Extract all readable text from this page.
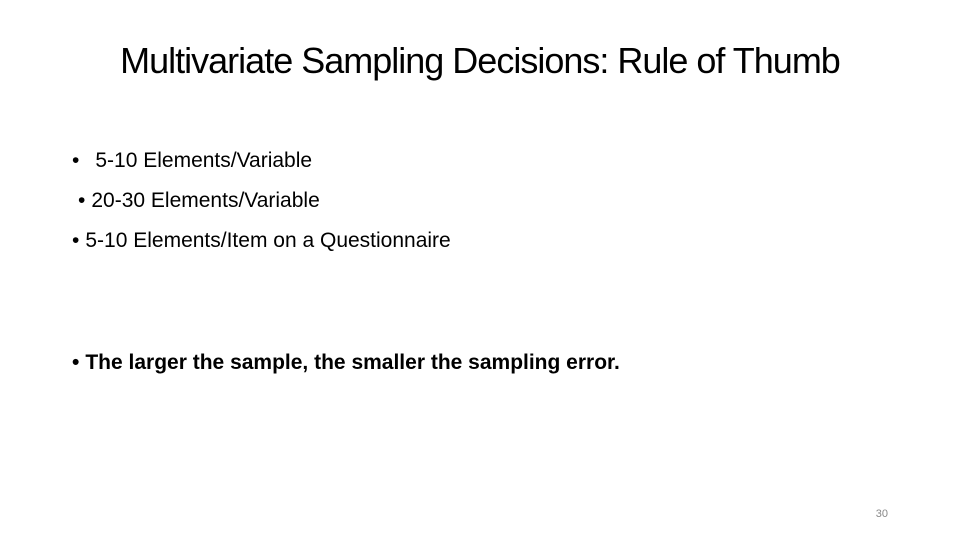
Multivariate Sampling Decisions: Rule of Thumb
• 5-10 Elements/Variable
• 20-30 Elements/Variable
• 5-10 Elements/Item on a Questionnaire
• The larger the sample, the smaller the sampling error.
30
